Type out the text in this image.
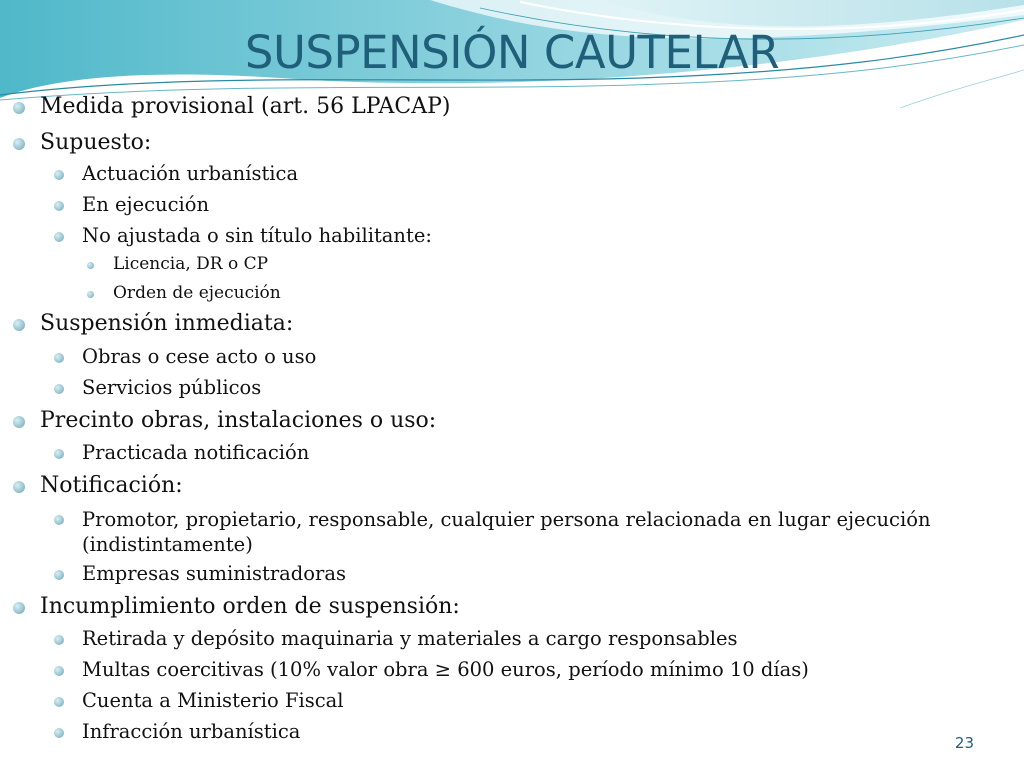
SUSPENSIÓN CAUTELAR
Medida provisional (art. 56 LPACAP)
Supuesto:
Actuación urbanística
En ejecución
No ajustada o sin título habilitante:
Licencia, DR o CP
Orden de ejecución
Suspensión inmediata:
Obras o cese acto o uso
Servicios públicos
Precinto obras, instalaciones o uso:
Practicada notificación
Notificación:
Promotor, propietario, responsable, cualquier persona relacionada en lugar ejecución (indistintamente)
Empresas suministradoras
Incumplimiento orden de suspensión:
Retirada y depósito maquinaria y materiales a cargo responsables
Multas coercitivas (10% valor obra ≥ 600 euros, período mínimo 10 días)
Cuenta a Ministerio Fiscal
Infracción urbanística	23
